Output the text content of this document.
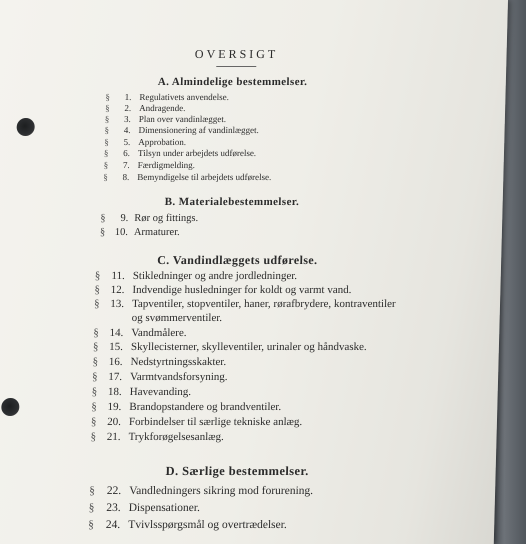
OVERSIGT
A. Almindelige bestemmelser.
§	1. Regulativets anvendelse.
§	2. Andragende.
§	3. Plan over vandinlægget.
§	4. Dimensionering af vandinlægget.
§	5. Approbation.
§	6. Tilsyn under arbejdets udførelse.
§	7. Færdigmelding.
§	8. Bemyndigelse til arbejdets udførelse.
B. Materialebestemmelser.
§	9. Rør og fittings.
§ 10. Armaturer.
C. Vandindlæggets udførelse.
§ 11. Stikledninger og andre jordledninger.
§ 12. Indvendige husledninger for koldt og varmt vand.
§ 13. Tapventiler, stopventiler, haner, rørafbrydere, kontraventiler
og svømmerventiler.
§ 14. Vandmålere.
§ 15. Skyllecisterner, skylleventiler, urinaler og håndvaske.
§ 16. Nedstyrtningsskakter.
§ 17. Varmtvandsforsyning.
§ 18. Havevanding.
§ 19. Brandopstandere og brandventiler.
§ 20. Forbindelser til særlige tekniske anlæg.
§ 21. Trykforøgelsesanlæg.
D. Særlige bestemmelser.
§	22. Vandledningers sikring mod forurening.
§	23. Dispensationer.
§	24. Tvivlsspørgsmål og overtrædelser.
